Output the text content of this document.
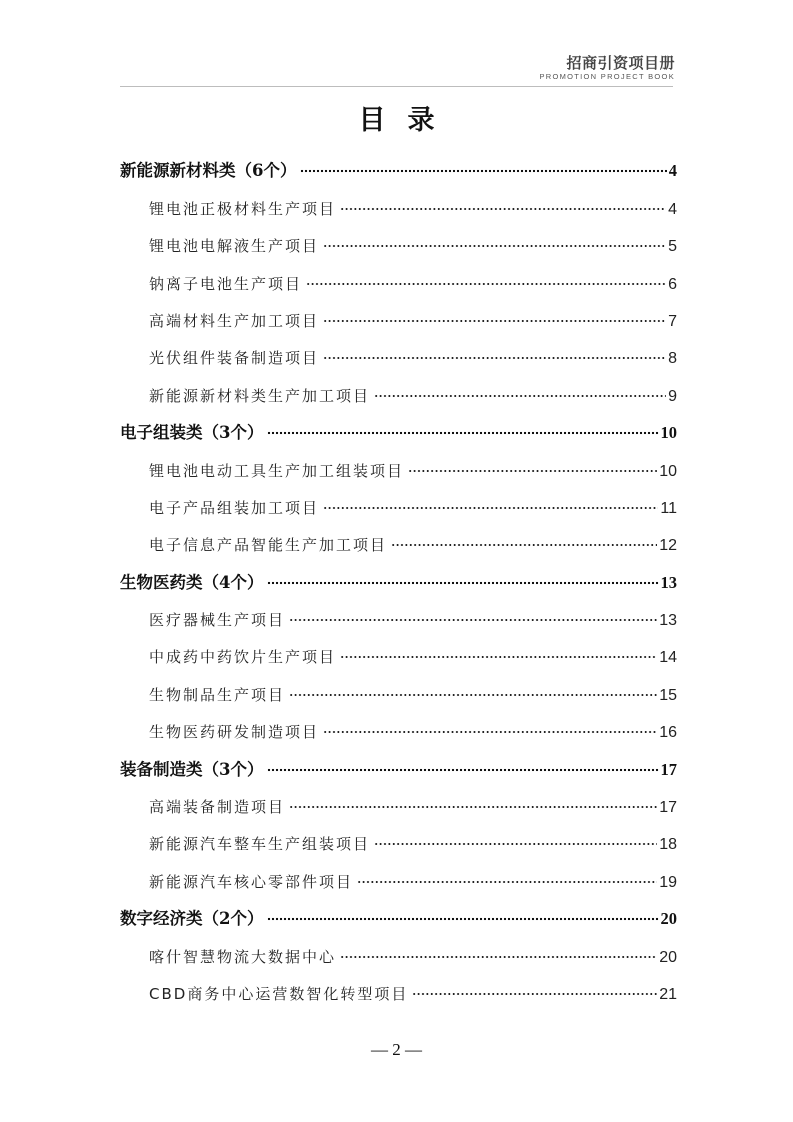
招商引资项目册
PROMOTION PROJECT BOOK
目录
新能源新材料类（6个）	4
锂电池正极材料生产项目	4
锂电池电解液生产项目	5
钠离子电池生产项目	6
高端材料生产加工项目	7
光伏组件装备制造项目	8
新能源新材料类生产加工项目	9
电子组装类（3个）	10
锂电池电动工具生产加工组装项目	10
电子产品组装加工项目	11
电子信息产品智能生产加工项目	12
生物医药类（4个）	13
医疗器械生产项目	13
中成药中药饮片生产项目	14
生物制品生产项目	15
生物医药研发制造项目	16
装备制造类（3个）	17
高端装备制造项目	17
新能源汽车整车生产组装项目	18
新能源汽车核心零部件项目	19
数字经济类（2个）	20
喀什智慧物流大数据中心	20
CBD商务中心运营数智化转型项目	21
— 2 —
